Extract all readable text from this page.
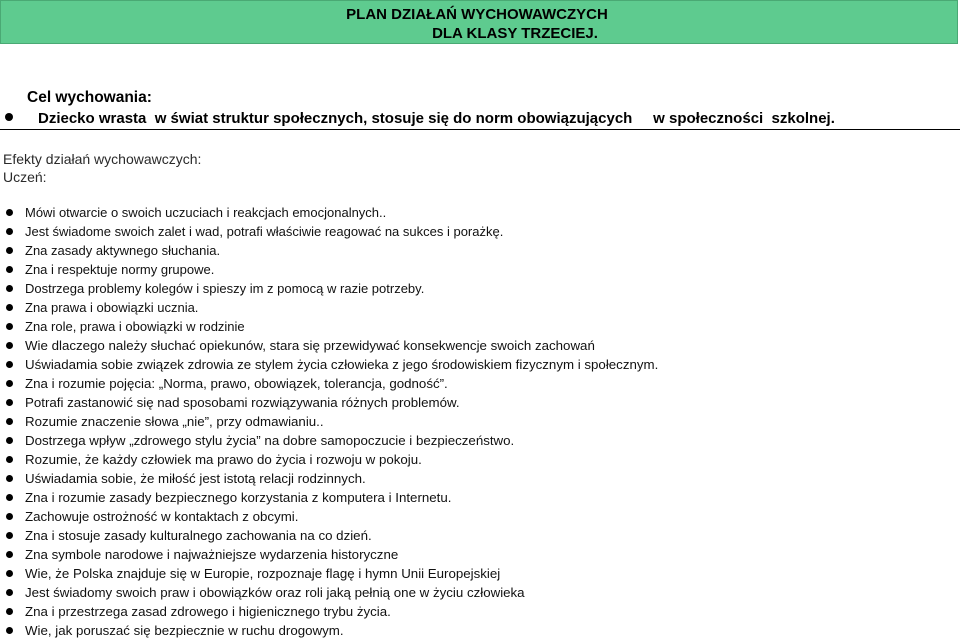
PLAN DZIAŁAŃ WYCHOWAWCZYCH
DLA KLASY TRZECIEJ.
Cel wychowania:

Dziecko wrasta  w świat struktur społecznych, stosuje się do norm obowiązujących     w społeczności  szkolnej.

Efekty działań wychowawczych:
Uczeń:
Mówi otwarcie o swoich uczuciach i reakcjach emocjonalnych..
Jest świadome swoich zalet i wad, potrafi właściwie reagować na sukces i porażkę.
Zna zasady aktywnego słuchania.
Zna i respektuje normy grupowe.
Dostrzega problemy kolegów i spieszy im z pomocą w razie potrzeby.
Zna prawa i obowiązki ucznia.
Zna role, prawa i obowiązki w rodzinie
Wie dlaczego należy słuchać opiekunów, stara się przewidywać konsekwencje swoich zachowań
Uświadamia sobie związek zdrowia ze stylem życia człowieka z jego środowiskiem fizycznym i społecznym.
Zna i rozumie pojęcia: „Norma, prawo, obowiązek, tolerancja, godność”.
Potrafi zastanowić się nad sposobami rozwiązywania różnych problemów.
Rozumie znaczenie słowa „nie”, przy odmawianiu..
Dostrzega wpływ „zdrowego stylu życia” na dobre samopoczucie i bezpieczeństwo.
Rozumie, że każdy człowiek ma prawo do życia i rozwoju w pokoju.
Uświadamia sobie, że miłość jest istotą relacji rodzinnych.
Zna i rozumie zasady bezpiecznego korzystania z komputera i Internetu.
Zachowuje ostrożność w kontaktach z obcymi.
Zna i stosuje zasady kulturalnego zachowania na co dzień.
Zna symbole narodowe i najważniejsze wydarzenia historyczne
Wie, że Polska znajduje się w Europie, rozpoznaje flagę i hymn Unii Europejskiej
Jest świadomy swoich praw i obowiązków oraz roli jaką pełnią one w życiu człowieka
Zna i przestrzega zasad zdrowego i higienicznego trybu życia.
Wie, jak poruszać się bezpiecznie w ruchu drogowym.
